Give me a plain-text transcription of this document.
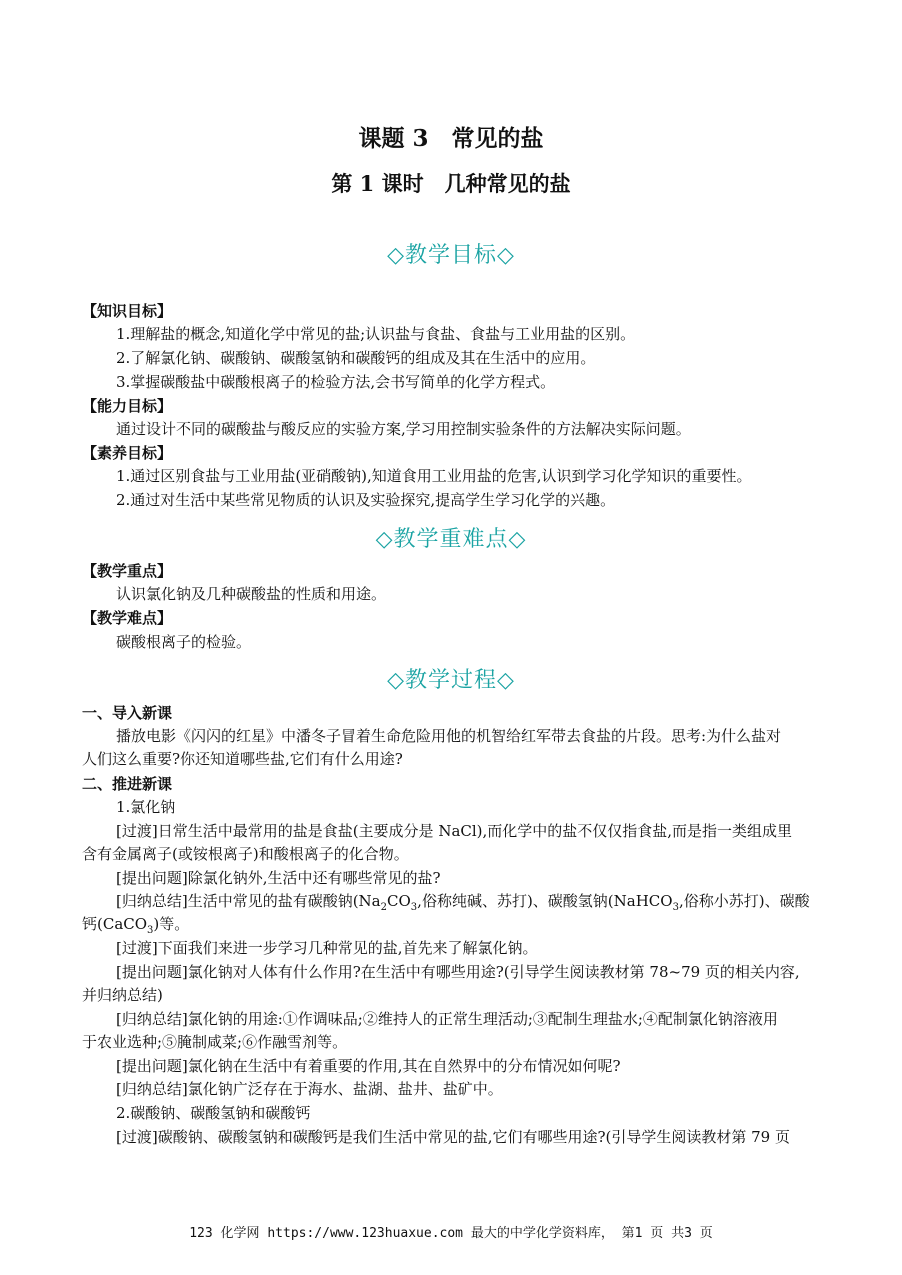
课题 3　常见的盐
第 1 课时　几种常见的盐
◇教学目标◇
【知识目标】
1.理解盐的概念,知道化学中常见的盐;认识盐与食盐、食盐与工业用盐的区别。
2.了解氯化钠、碳酸钠、碳酸氢钠和碳酸钙的组成及其在生活中的应用。
3.掌握碳酸盐中碳酸根离子的检验方法,会书写简单的化学方程式。
【能力目标】
通过设计不同的碳酸盐与酸反应的实验方案,学习用控制实验条件的方法解决实际问题。
【素养目标】
1.通过区别食盐与工业用盐(亚硝酸钠),知道食用工业用盐的危害,认识到学习化学知识的重要性。
2.通过对生活中某些常见物质的认识及实验探究,提高学生学习化学的兴趣。
◇教学重难点◇
【教学重点】
认识氯化钠及几种碳酸盐的性质和用途。
【教学难点】
碳酸根离子的检验。
◇教学过程◇
一、导入新课
播放电影《闪闪的红星》中潘冬子冒着生命危险用他的机智给红军带去食盐的片段。思考:为什么盐对
人们这么重要?你还知道哪些盐,它们有什么用途?
二、推进新课
1.氯化钠
[过渡]日常生活中最常用的盐是食盐(主要成分是 NaCl),而化学中的盐不仅仅指食盐,而是指一类组成里
含有金属离子(或铵根离子)和酸根离子的化合物。
[提出问题]除氯化钠外,生活中还有哪些常见的盐?
[归纳总结]生活中常见的盐有碳酸钠($Na_2CO_3$,俗称纯碱、苏打)、碳酸氢钠(NaHCO$_3$,俗称小苏打)、碳酸
钙(CaCO$_3$)等。
[过渡]下面我们来进一步学习几种常见的盐,首先来了解氯化钠。
[提出问题]氯化钠对人体有什么作用?在生活中有哪些用途?(引导学生阅读教材第 78~79 页的相关内容,
并归纳总结)
[归纳总结]氯化钠的用途:①作调味品;②维持人的正常生理活动;③配制生理盐水;④配制氯化钠溶液用
于农业选种;⑤腌制咸菜;⑥作融雪剂等。
[提出问题]氯化钠在生活中有着重要的作用,其在自然界中的分布情况如何呢?
[归纳总结]氯化钠广泛存在于海水、盐湖、盐井、盐矿中。
2.碳酸钠、碳酸氢钠和碳酸钙
[过渡]碳酸钠、碳酸氢钠和碳酸钙是我们生活中常见的盐,它们有哪些用途?(引导学生阅读教材第 79 页
123 化学网 https://www.123huaxue.com 最大的中学化学资料库， 第1 页 共3 页
